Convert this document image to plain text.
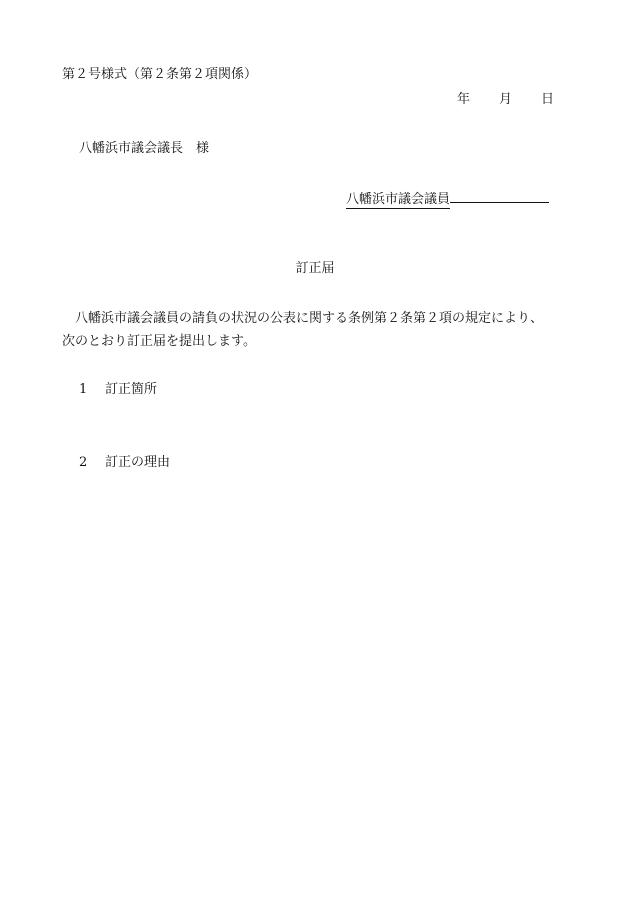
第２号様式（第２条第２項関係）
年 月 日
八幡浜市議会議長　様
八幡浜市議会議員
訂正届
　八幡浜市議会議員の請負の状況の公表に関する条例第２条第２項の規定により、
次のとおり訂正届を提出します。
1 訂正箇所
2 訂正の理由
